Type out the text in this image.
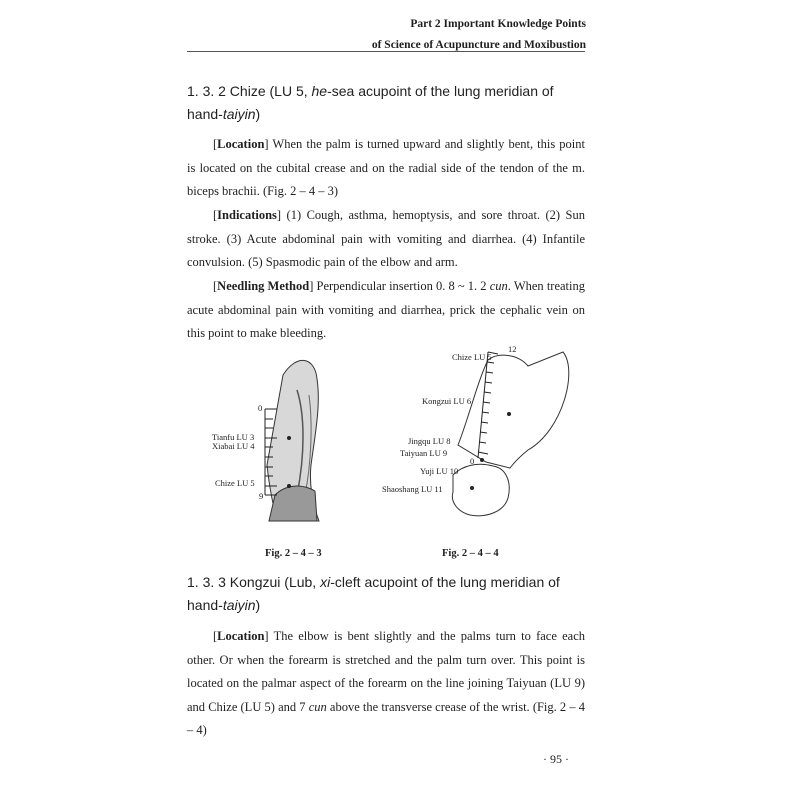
Part 2 Important Knowledge Points
of Science of Acupuncture and Moxibustion
1. 3. 2 Chize (LU 5, he-sea acupoint of the lung meridian of hand-taiyin)
[Location] When the palm is turned upward and slightly bent, this point is located on the cubital crease and on the radial side of the tendon of the m. biceps brachii. (Fig. 2 – 4 – 3)
[Indications] (1) Cough, asthma, hemoptysis, and sore throat. (2) Sun stroke. (3) Acute abdominal pain with vomiting and diarrhea. (4) Infantile convulsion. (5) Spasmodic pain of the elbow and arm.
[Needling Method] Perpendicular insertion 0. 8 ~ 1. 2 cun. When treating acute abdominal pain with vomiting and diarrhea, prick the cephalic vein on this point to make bleeding.
0
9
Tianfu LU 3
Xiabai LU 4
Chize LU 5
Fig. 2 – 4 – 3
12
0
Chize LU 5
Kongzui LU 6
Jingqu LU 8
Taiyuan LU 9
Yuji LU 10
Shaoshang LU 11
Fig. 2 – 4 – 4
1. 3. 3 Kongzui (Lub, xi-cleft acupoint of the lung meridian of hand-taiyin)
[Location] The elbow is bent slightly and the palms turn to face each other. Or when the forearm is stretched and the palm turn over. This point is located on the palmar aspect of the forearm on the line joining Taiyuan (LU 9) and Chize (LU 5) and 7 cun above the transverse crease of the wrist. (Fig. 2 – 4 – 4)
· 95 ·
